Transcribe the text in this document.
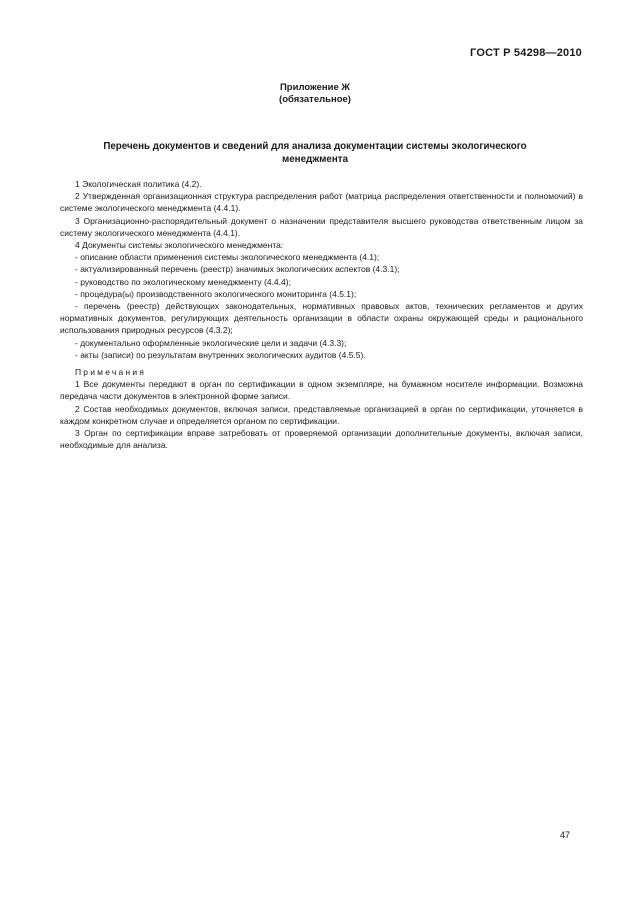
ГОСТ Р 54298—2010
Приложение Ж
(обязательное)
Перечень документов и сведений для анализа документации системы экологического менеджмента

1 Экологическая политика (4.2).

2 Утвержденная организационная структура распределения работ (матрица распределения ответственности и полномочий) в системе экологического менеджмента (4.4.1).

3 Организационно-распорядительный документ о назначении представителя высшего руководства ответственным лицом за систему экологического менеджмента (4.4.1).

4 Документы системы экологического менеджмента:

- описание области применения системы экологического менеджмента (4.1);

- актуализированный перечень (реестр) значимых экологических аспектов (4.3.1);

- руководство по экологическому менеджменту (4.4.4);

- процедура(ы) производственного экологического мониторинга (4.5.1);

- перечень (реестр) действующих законодательных, нормативных правовых актов, технических регламентов и других нормативных документов, регулирующих деятельность организации в области охраны окружающей среды и рационального использования природных ресурсов (4.3.2);

- документально оформленные экологические цели и задачи (4.3.3);

- акты (записи) по результатам внутренних экологических аудитов (4.5.5).

Примечания

1 Все документы передают в орган по сертификации в одном экземпляре, на бумажном носителе информации. Возможна передача части документов в электронной форме записи.

2 Состав необходимых документов, включая записи, представляемые организацией в орган по сертификации, уточняется в каждом конкретном случае и определяется органом по сертификации.

3 Орган по сертификации вправе затребовать от проверяемой организации дополнительные документы, включая записи, необходимые для анализа.

47
